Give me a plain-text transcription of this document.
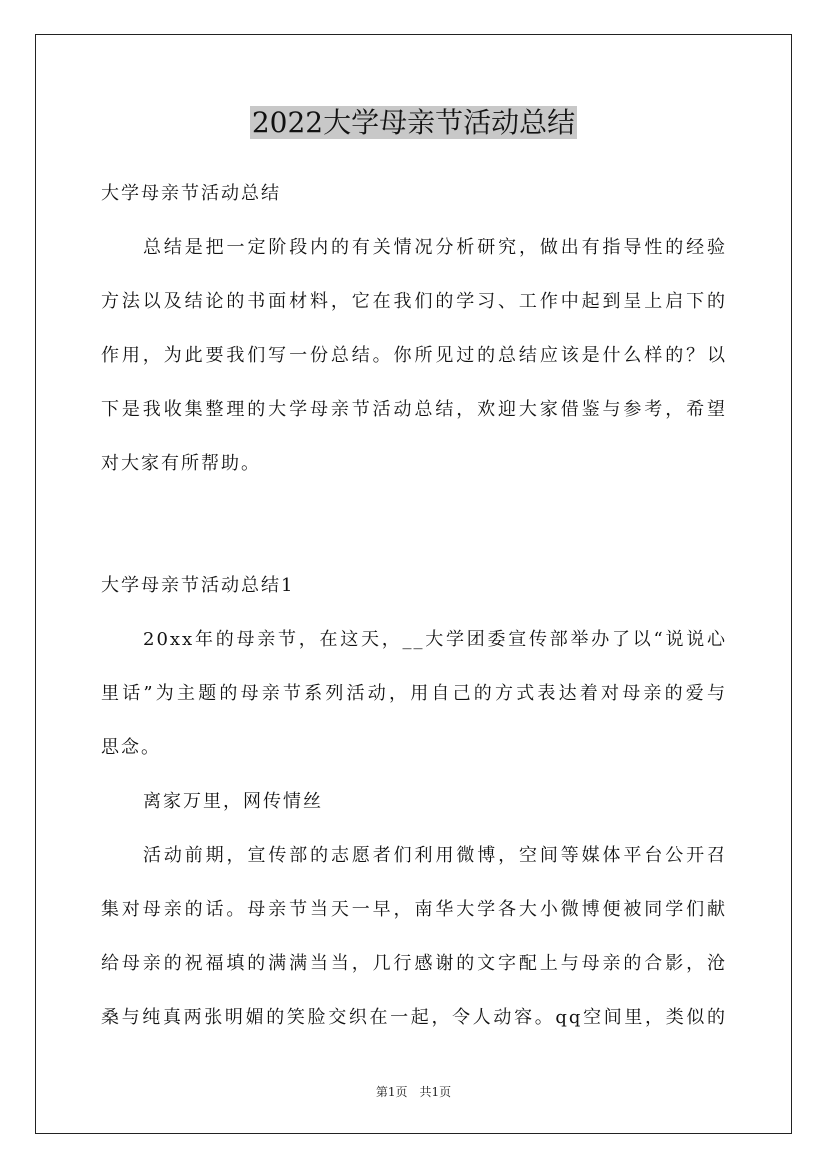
2022大学母亲节活动总结
大学母亲节活动总结
总结是把一定阶段内的有关情况分析研究，做出有指导性的经验
方法以及结论的书面材料，它在我们的学习、工作中起到呈上启下的
作用，为此要我们写一份总结。你所见过的总结应该是什么样的？以
下是我收集整理的大学母亲节活动总结，欢迎大家借鉴与参考，希望
对大家有所帮助。
大学母亲节活动总结1
20xx年的母亲节，在这天，__大学团委宣传部举办了以“说说心
里话”为主题的母亲节系列活动，用自己的方式表达着对母亲的爱与
思念。
离家万里，网传情丝
活动前期，宣传部的志愿者们利用微博，空间等媒体平台公开召
集对母亲的话。母亲节当天一早，南华大学各大小微博便被同学们献
给母亲的祝福填的满满当当，几行感谢的文字配上与母亲的合影，沧
桑与纯真两张明媚的笑脸交织在一起，令人动容。qq空间里，类似的
第1页　共1页
